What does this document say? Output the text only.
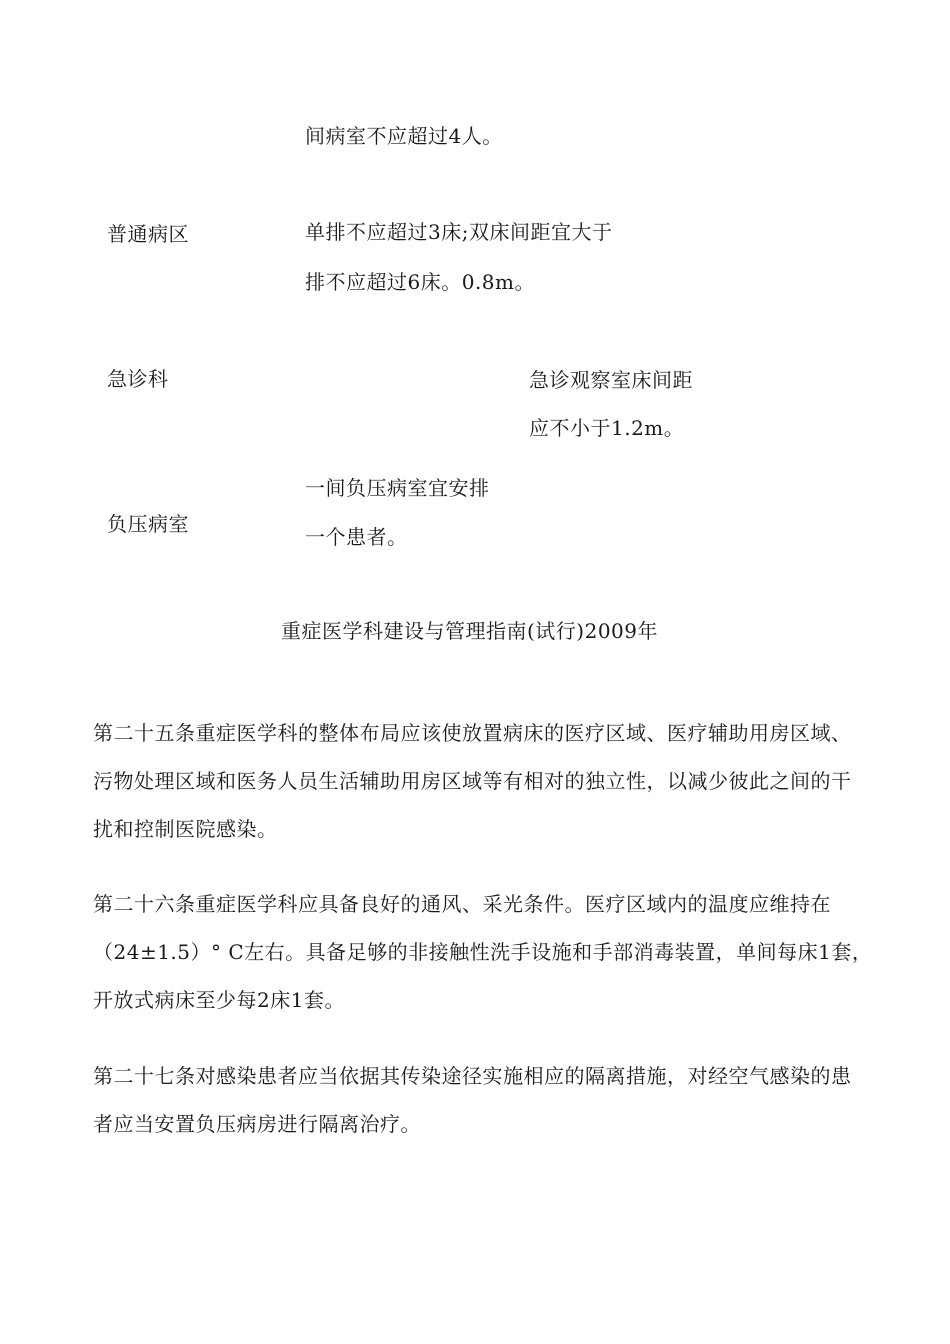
间病室不应超过4人。
普通病区	单排不应超过3床;双床间距宜大于
排不应超过6床。0.8m。
急诊科	急诊观察室床间距
应不小于1.2m。
一间负压病室宜安排
负压病室
一个患者。
重症医学科建设与管理指南(试行)2009年
第二十五条重症医学科的整体布局应该使放置病床的医疗区域、医疗辅助用房区域、
污物处理区域和医务人员生活辅助用房区域等有相对的独立性，以减少彼此之间的干
扰和控制医院感染。
第二十六条重症医学科应具备良好的通风、采光条件。医疗区域内的温度应维持在
（24±1.5）° C左右。具备足够的非接触性洗手设施和手部消毒装置，单间每床1套，
开放式病床至少每2床1套。
第二十七条对感染患者应当依据其传染途径实施相应的隔离措施，对经空气感染的患
者应当安置负压病房进行隔离治疗。
